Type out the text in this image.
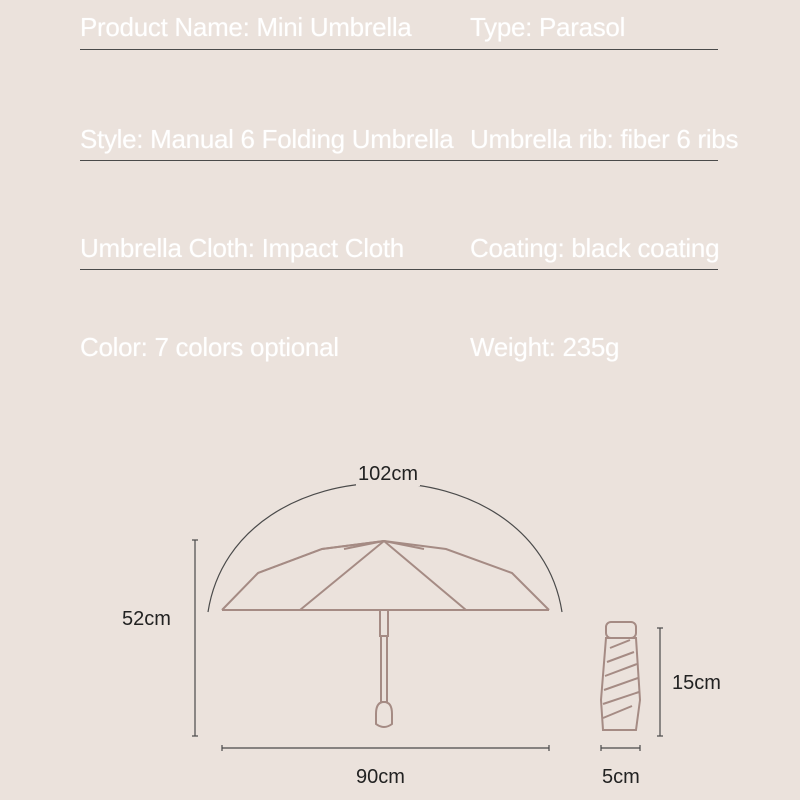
Product Name: Mini Umbrella Type: Parasol
Style: Manual 6 Folding Umbrella Umbrella rib: fiber 6 ribs
Umbrella Cloth: Impact Cloth	Coating: black coating
Color: 7 colors optional	Weight: 235g
102cm
52cm
90cm
15cm
5cm
